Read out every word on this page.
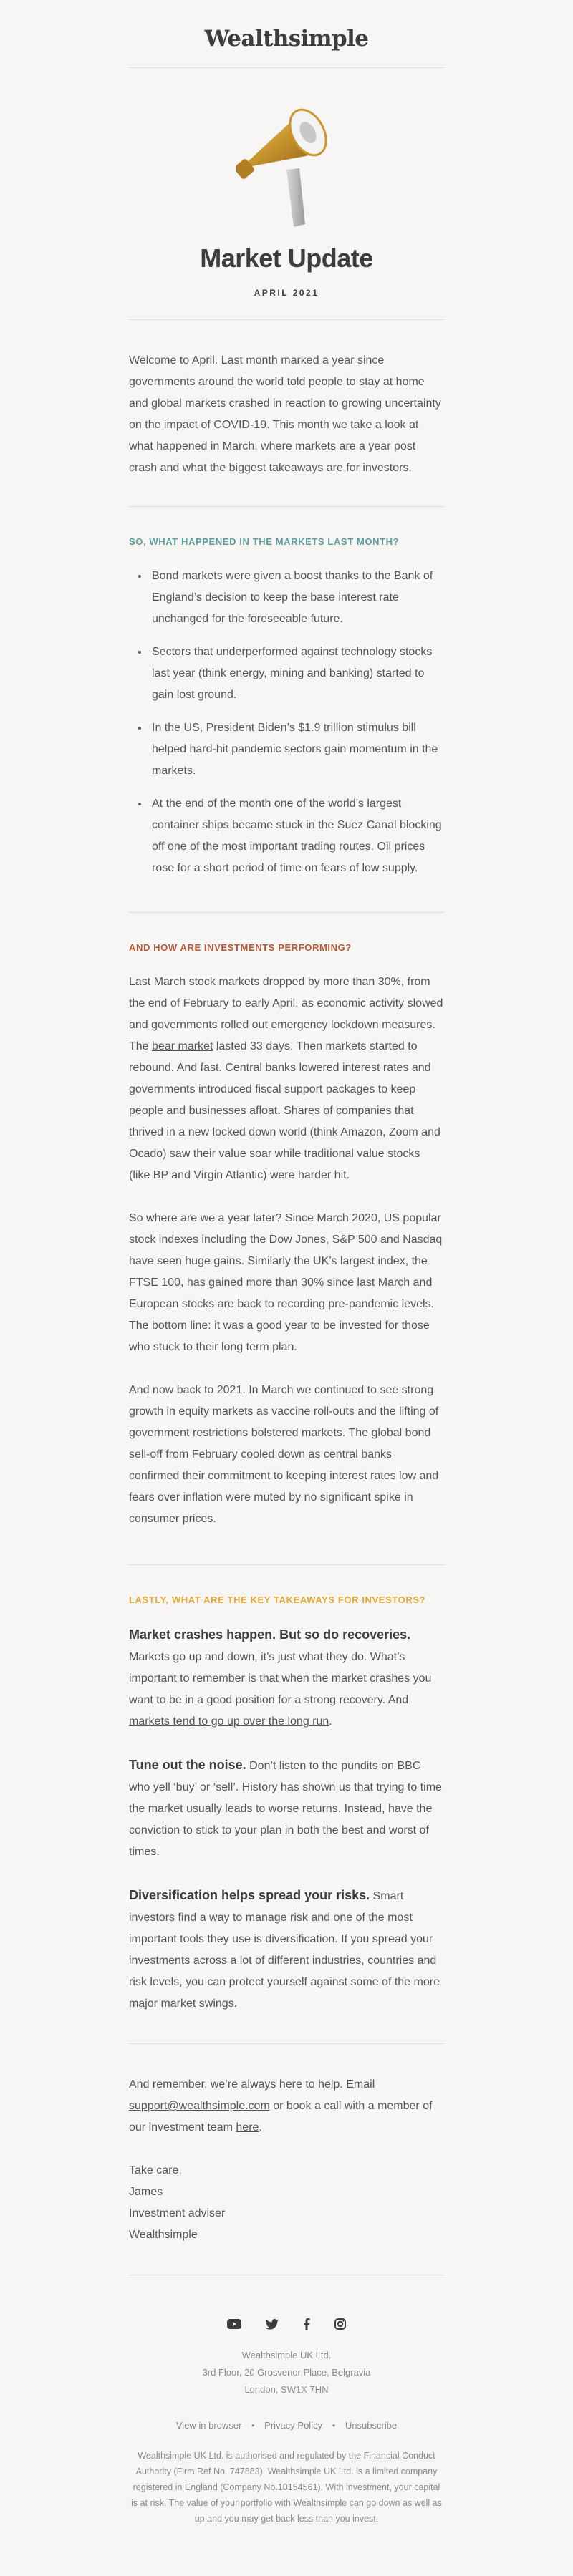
Wealthsimple
Market Update
APRIL 2021

Welcome to April. Last month marked a year since governments around the world told people to stay at home and global markets crashed in reaction to growing uncertainty on the impact of COVID-19. This month we take a look at what happened in March, where markets are a year post crash and what the biggest takeaways are for investors.

SO, WHAT HAPPENED IN THE MARKETS LAST MONTH?
• Bond markets were given a boost thanks to the Bank of England’s decision to keep the base interest rate unchanged for the foreseeable future.
• Sectors that underperformed against technology stocks last year (think energy, mining and banking) started to gain lost ground.
• In the US, President Biden’s $1.9 trillion stimulus bill helped hard-hit pandemic sectors gain momentum in the markets.
• At the end of the month one of the world’s largest container ships became stuck in the Suez Canal blocking off one of the most important trading routes. Oil prices rose for a short period of time on fears of low supply.
AND HOW ARE INVESTMENTS PERFORMING?

Last March stock markets dropped by more than 30%, from the end of February to early April, as economic activity slowed and governments rolled out emergency lockdown measures. The bear market lasted 33 days. Then markets started to rebound. And fast. Central banks lowered interest rates and governments introduced fiscal support packages to keep people and businesses afloat. Shares of companies that thrived in a new locked down world (think Amazon, Zoom and Ocado) saw their value soar while traditional value stocks (like BP and Virgin Atlantic) were harder hit.

So where are we a year later? Since March 2020, US popular stock indexes including the Dow Jones, S&P 500 and Nasdaq have seen huge gains. Similarly the UK’s largest index, the FTSE 100, has gained more than 30% since last March and European stocks are back to recording pre-pandemic levels. The bottom line: it was a good year to be invested for those who stuck to their long term plan.

And now back to 2021. In March we continued to see strong growth in equity markets as vaccine roll-outs and the lifting of government restrictions bolstered markets. The global bond sell-off from February cooled down as central banks confirmed their commitment to keeping interest rates low and fears over inflation were muted by no significant spike in consumer prices.

LASTLY, WHAT ARE THE KEY TAKEAWAYS FOR INVESTORS?

Market crashes happen. But so do recoveries.
Markets go up and down, it’s just what they do. What’s important to remember is that when the market crashes you want to be in a good position for a strong recovery. And markets tend to go up over the long run.

Tune out the noise. Don’t listen to the pundits on BBC who yell ‘buy’ or ‘sell’. History has shown us that trying to time the market usually leads to worse returns. Instead, have the conviction to stick to your plan in both the best and worst of times.

Diversification helps spread your risks. Smart investors find a way to manage risk and one of the most important tools they use is diversification. If you spread your investments across a lot of different industries, countries and risk levels, you can protect yourself against some of the more major market swings.

And remember, we’re always here to help. Email support@wealthsimple.com or book a call with a member of our investment team here.

Take care,
James
Investment adviser
Wealthsimple
Wealthsimple UK Ltd.
3rd Floor, 20 Grosvenor Place, Belgravia
London, SW1X 7HN
View in browser • Privacy Policy • Unsubscribe
Wealthsimple UK Ltd. is authorised and regulated by the Financial Conduct Authority (Firm Ref No. 747883). Wealthsimple UK Ltd. is a limited company registered in England (Company No.10154561). With investment, your capital is at risk. The value of your portfolio with Wealthsimple can go down as well as up and you may get back less than you invest.
